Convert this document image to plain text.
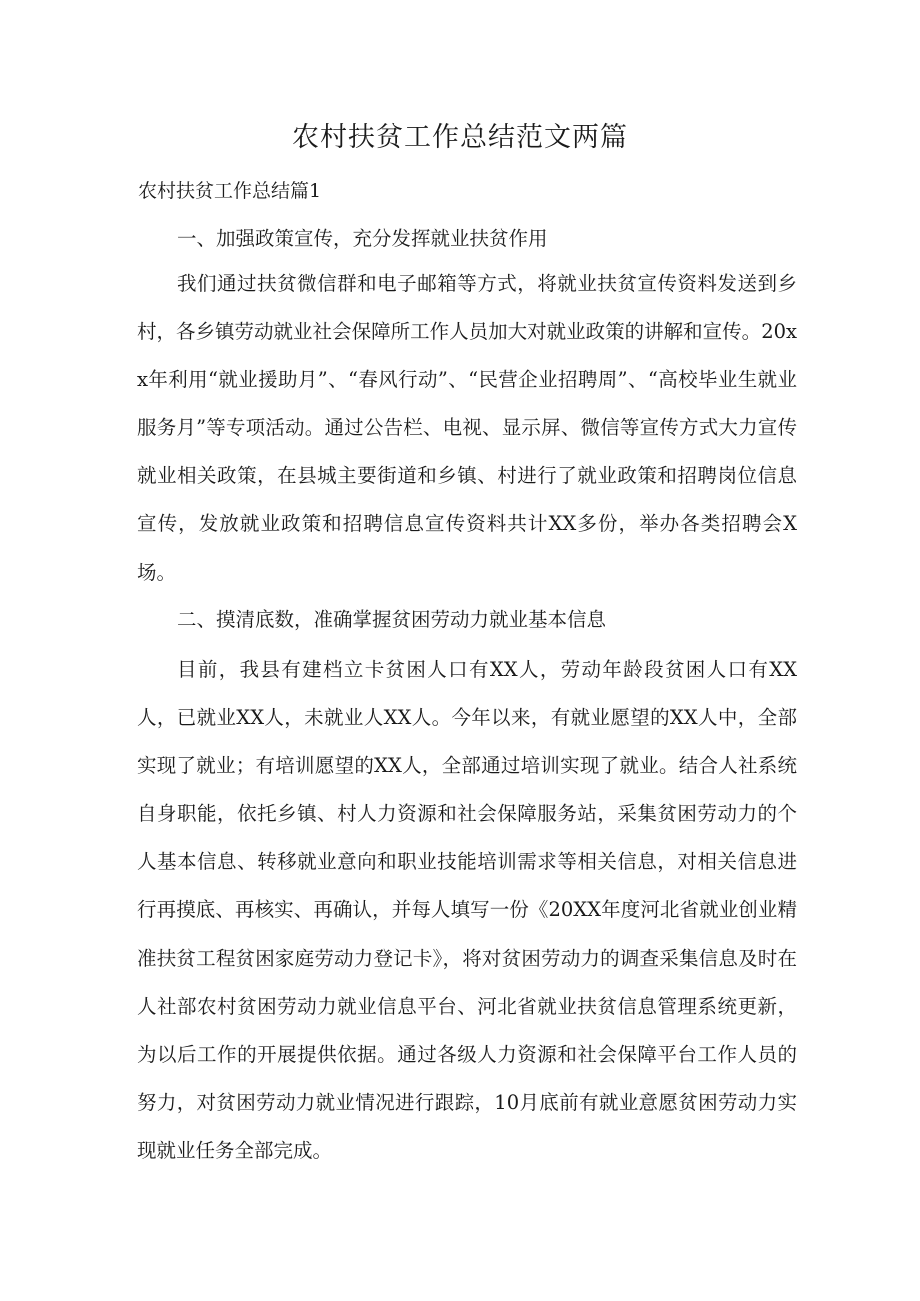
农村扶贫工作总结范文两篇

农村扶贫工作总结篇1

一、加强政策宣传，充分发挥就业扶贫作用

我们通过扶贫微信群和电子邮箱等方式，将就业扶贫宣传资料发送到乡村，各乡镇劳动就业社会保障所工作人员加大对就业政策的讲解和宣传。20xx年利用“就业援助月”、“春风行动”、“民营企业招聘周”、“高校毕业生就业服务月”等专项活动。通过公告栏、电视、显示屏、微信等宣传方式大力宣传就业相关政策，在县城主要街道和乡镇、村进行了就业政策和招聘岗位信息宣传，发放就业政策和招聘信息宣传资料共计XX多份，举办各类招聘会X场。

二、摸清底数，准确掌握贫困劳动力就业基本信息

目前，我县有建档立卡贫困人口有XX人，劳动年龄段贫困人口有XX人，已就业XX人，未就业人XX人。今年以来，有就业愿望的XX人中，全部实现了就业；有培训愿望的XX人，全部通过培训实现了就业。结合人社系统自身职能，依托乡镇、村人力资源和社会保障服务站，采集贫困劳动力的个人基本信息、转移就业意向和职业技能培训需求等相关信息，对相关信息进行再摸底、再核实、再确认，并每人填写一份《20XX年度河北省就业创业精准扶贫工程贫困家庭劳动力登记卡》，将对贫困劳动力的调查采集信息及时在人社部农村贫困劳动力就业信息平台、河北省就业扶贫信息管理系统更新，为以后工作的开展提供依据。通过各级人力资源和社会保障平台工作人员的努力，对贫困劳动力就业情况进行跟踪，10月底前有就业意愿贫困劳动力实现就业任务全部完成。
